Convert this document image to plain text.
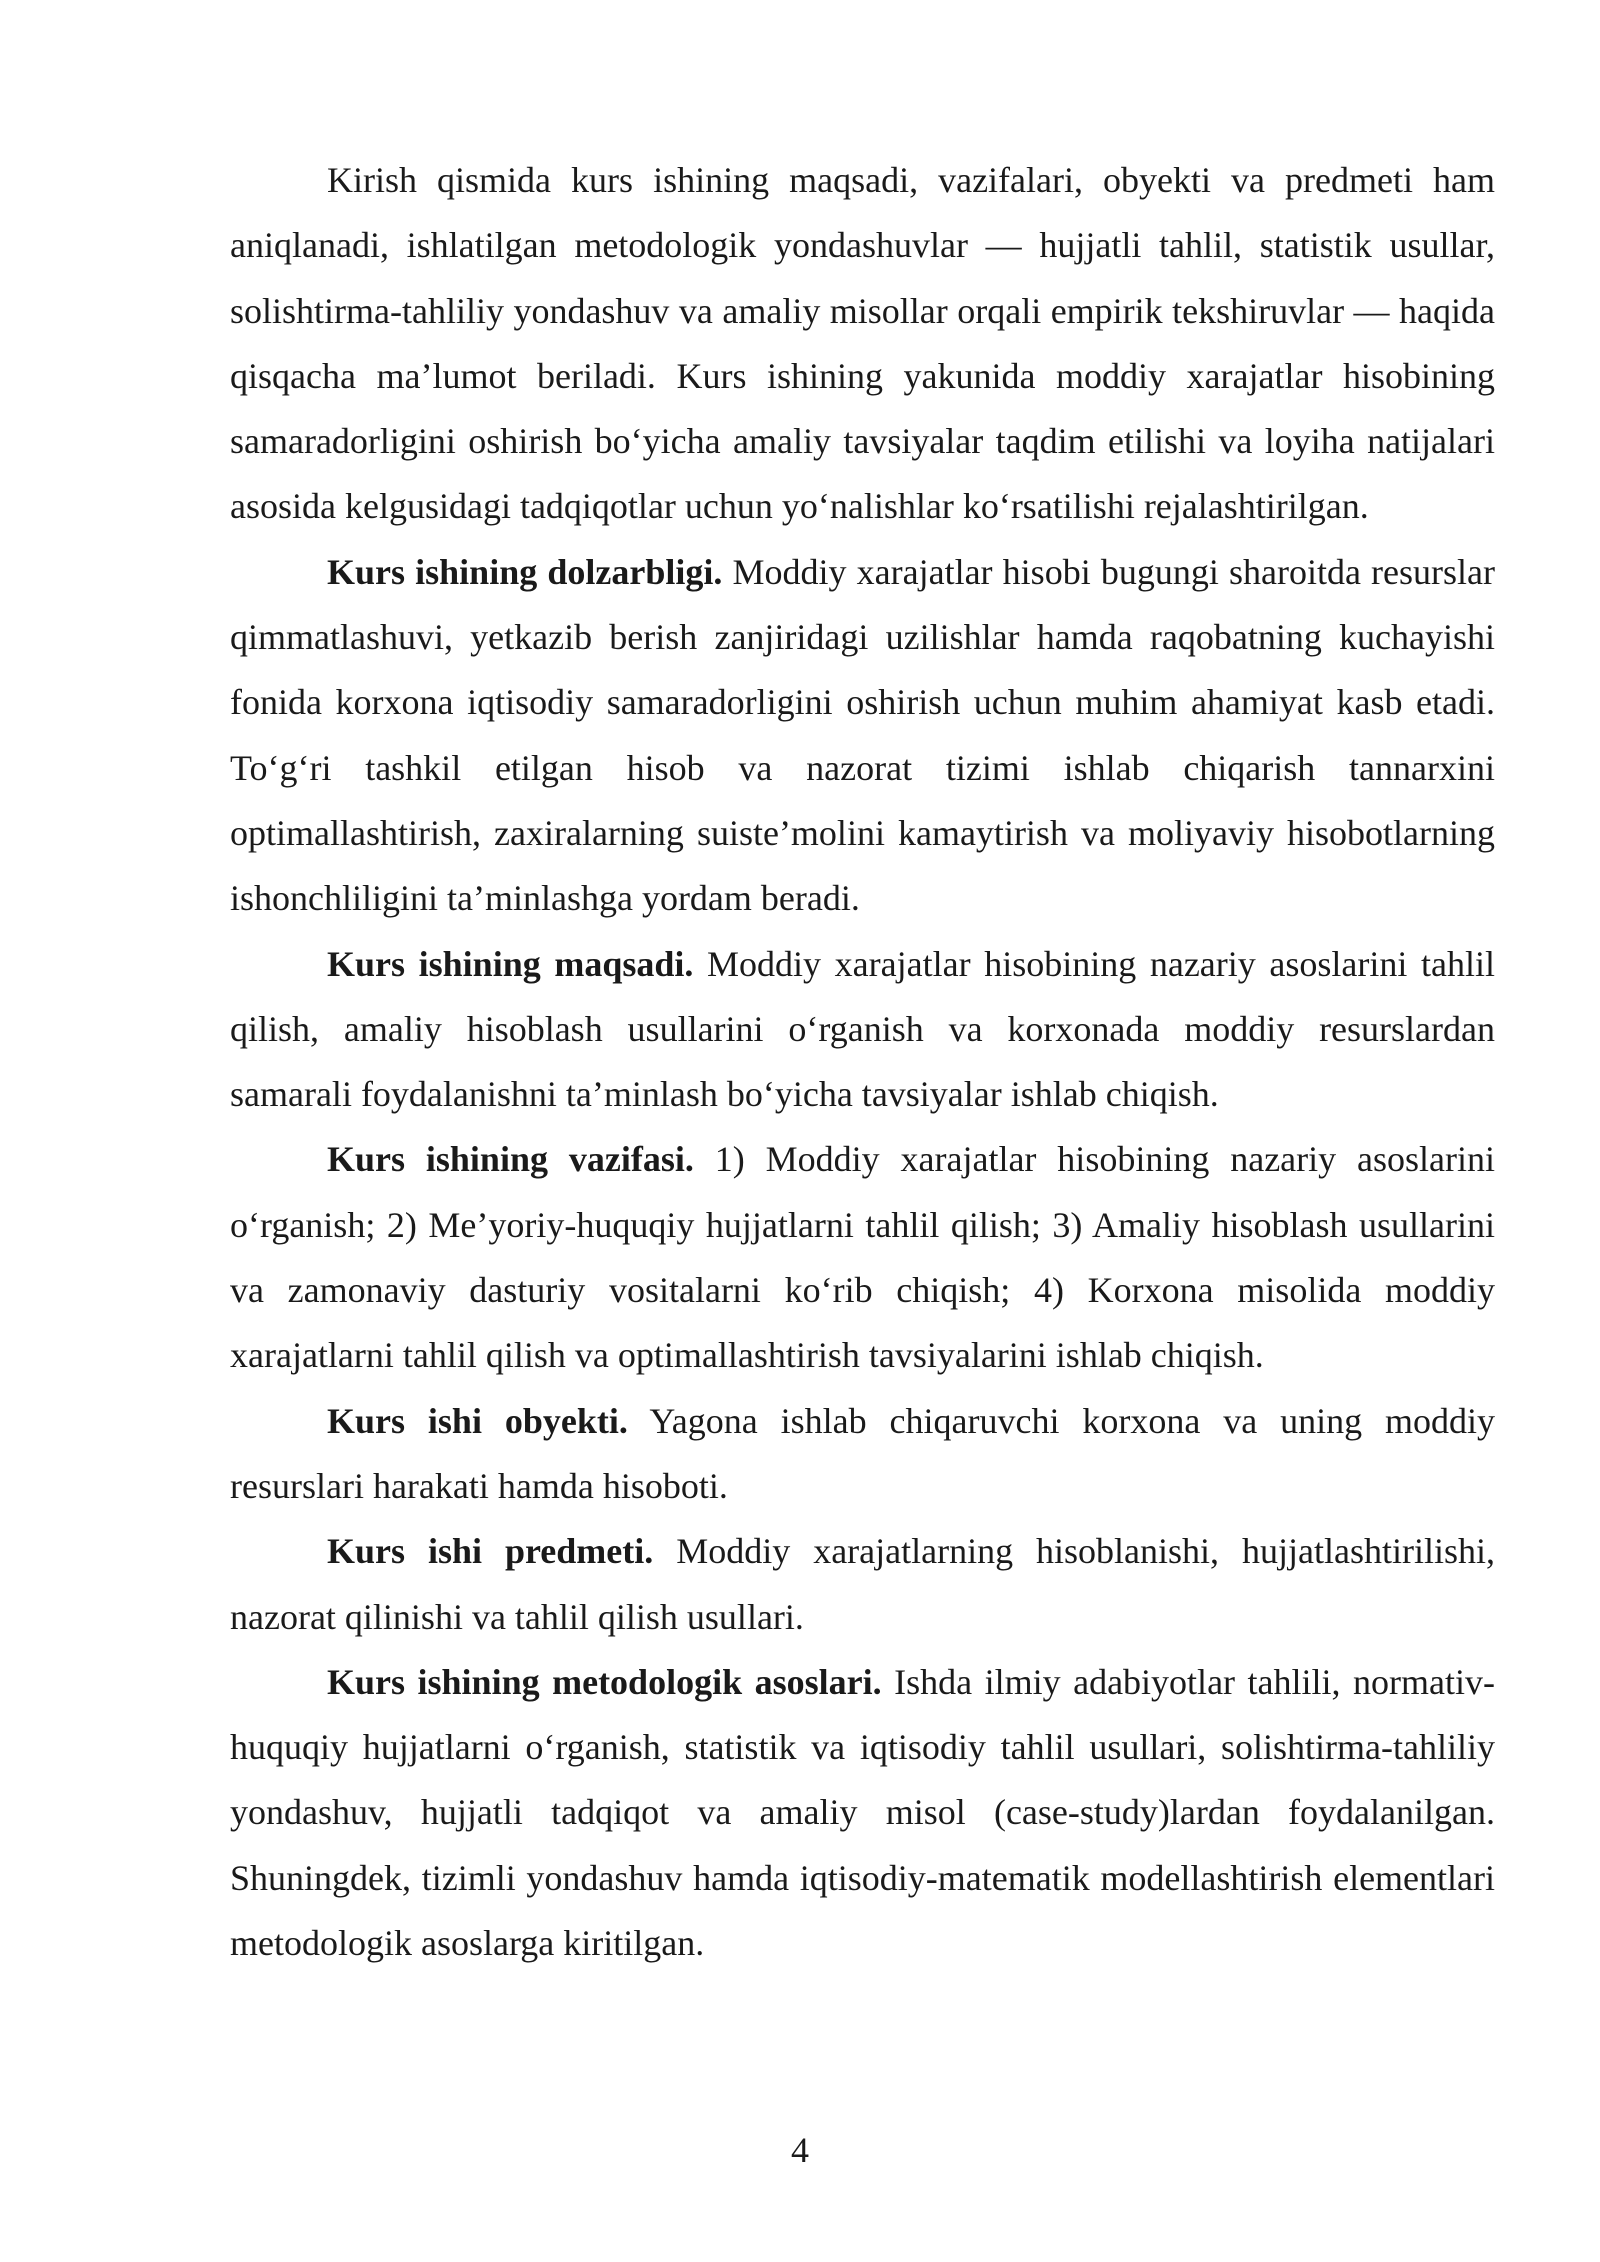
Kirish qismida kurs ishining maqsadi, vazifalari, obyekti va predmeti ham aniqlanadi, ishlatilgan metodologik yondashuvlar — hujjatli tahlil, statistik usullar, solishtirma-tahliliy yondashuv va amaliy misollar orqali empirik tekshiruvlar — haqida qisqacha ma’lumot beriladi. Kurs ishining yakunida moddiy xarajatlar hisobining samaradorligini oshirish bo‘yicha amaliy tavsiyalar taqdim etilishi va loyiha natijalari asosida kelgusidagi tadqiqotlar uchun yo‘nalishlar ko‘rsatilishi rejalashtirilgan.

Kurs ishining dolzarbligi. Moddiy xarajatlar hisobi bugungi sharoitda resurslar qimmatlashuvi, yetkazib berish zanjiridagi uzilishlar hamda raqobatning kuchayishi fonida korxona iqtisodiy samaradorligini oshirish uchun muhim ahamiyat kasb etadi. To‘g‘ri tashkil etilgan hisob va nazorat tizimi ishlab chiqarish tannarxini optimallashtirish, zaxiralarning suiste’molini kamaytirish va moliyaviy hisobotlarning ishonchliligini ta’minlashga yordam beradi.

Kurs ishining maqsadi. Moddiy xarajatlar hisobining nazariy asoslarini tahlil qilish, amaliy hisoblash usullarini o‘rganish va korxonada moddiy resurslardan samarali foydalanishni ta’minlash bo‘yicha tavsiyalar ishlab chiqish.

Kurs ishining vazifasi. 1) Moddiy xarajatlar hisobining nazariy asoslarini o‘rganish; 2) Me’yoriy-huquqiy hujjatlarni tahlil qilish; 3) Amaliy hisoblash usullarini va zamonaviy dasturiy vositalarni ko‘rib chiqish; 4) Korxona misolida moddiy xarajatlarni tahlil qilish va optimallashtirish tavsiyalarini ishlab chiqish.

Kurs ishi obyekti. Yagona ishlab chiqaruvchi korxona va uning moddiy resurslari harakati hamda hisoboti.

Kurs ishi predmeti. Moddiy xarajatlarning hisoblanishi, hujjatlashtirilishi, nazorat qilinishi va tahlil qilish usullari.

Kurs ishining metodologik asoslari. Ishda ilmiy adabiyotlar tahlili, normativ-huquqiy hujjatlarni o‘rganish, statistik va iqtisodiy tahlil usullari, solishtirma-tahliliy yondashuv, hujjatli tadqiqot va amaliy misol (case-study)lardan foydalanilgan. Shuningdek, tizimli yondashuv hamda iqtisodiy-matematik modellashtirish elementlari metodologik asoslarga kiritilgan.

4
